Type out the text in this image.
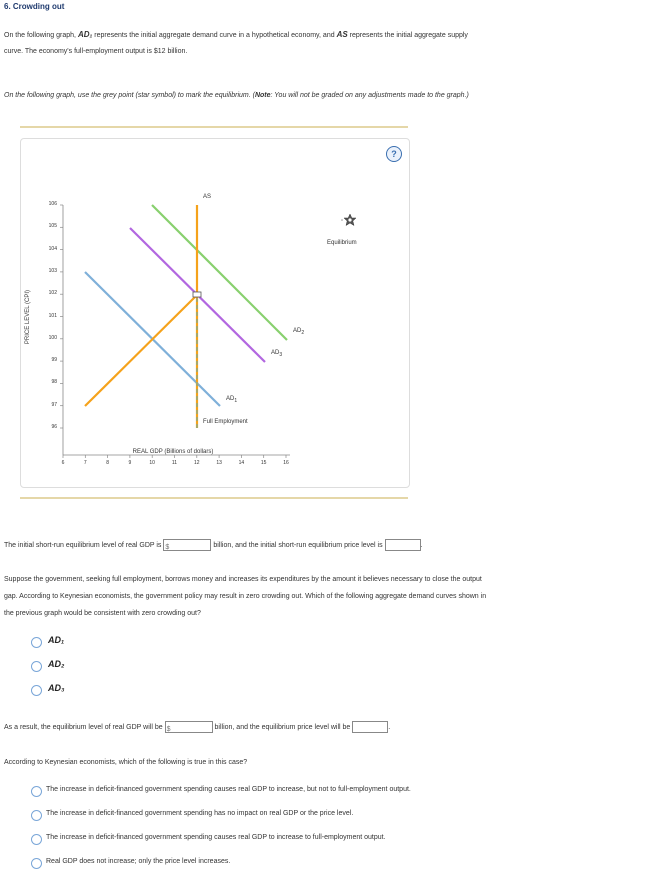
6. Crowding out
On the following graph, AD₁ represents the initial aggregate demand curve in a hypothetical economy, and AS represents the initial aggregate supply
curve. The economy's full-employment output is $12 billion.
On the following graph, use the grey point (star symbol) to mark the equilibrium. (Note: You will not be graded on any adjustments made to the graph.)
?
PRICE LEVEL (CPI)
REAL GDP (Billions of dollars)
106
105
104
103
102
101
100
99
98
97
96
6	7	8	9	10	11	12	13	14	15	16
AS
$AD_2$
$AD_3$
$AD_1$
Full Employment
Equilibrium
The initial short-run equilibrium level of real GDP is $	billion, and the initial short-run equilibrium price level is	.
Suppose the government, seeking full employment, borrows money and increases its expenditures by the amount it believes necessary to close the output
gap. According to Keynesian economists, the government policy may result in zero crowding out. Which of the following aggregate demand curves shown in
the previous graph would be consistent with zero crowding out?
AD₁
AD₂
AD₃
As a result, the equilibrium level of real GDP will be $	billion, and the equilibrium price level will be	.
According to Keynesian economists, which of the following is true in this case?
The increase in deficit-financed government spending causes real GDP to increase, but not to full-employment output.
The increase in deficit-financed government spending has no impact on real GDP or the price level.
The increase in deficit-financed government spending causes real GDP to increase to full-employment output.
Real GDP does not increase; only the price level increases.
